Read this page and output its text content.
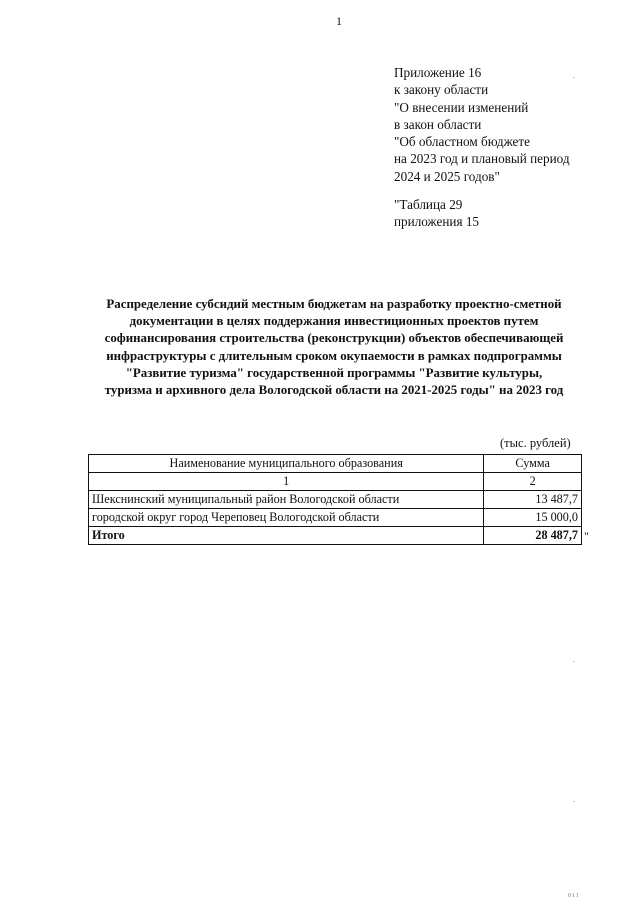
1
Приложение 16
к закону области
"О внесении изменений
в закон области
"Об областном бюджете
на 2023 год и плановый период
2024 и 2025 годов"
"Таблица 29
приложения 15
Распределение субсидий местным бюджетам на разработку проектно-сметной
документации в целях поддержания инвестиционных проектов путем
софинансирования строительства (реконструкции) объектов обеспечивающей
инфраструктуры с длительным сроком окупаемости в рамках подпрограммы
"Развитие туризма" государственной программы "Развитие культуры,
туризма и архивного дела Вологодской области на 2021-2025 годы" на 2023 год
(тыс. рублей)
Наименование муниципального образования	Сумма
1	2
Шекснинский муниципальный район Вологодской области	13 487,7
городской округ город Череповец Вологодской области	15 000,0
Итого	28 487,7 "
011
